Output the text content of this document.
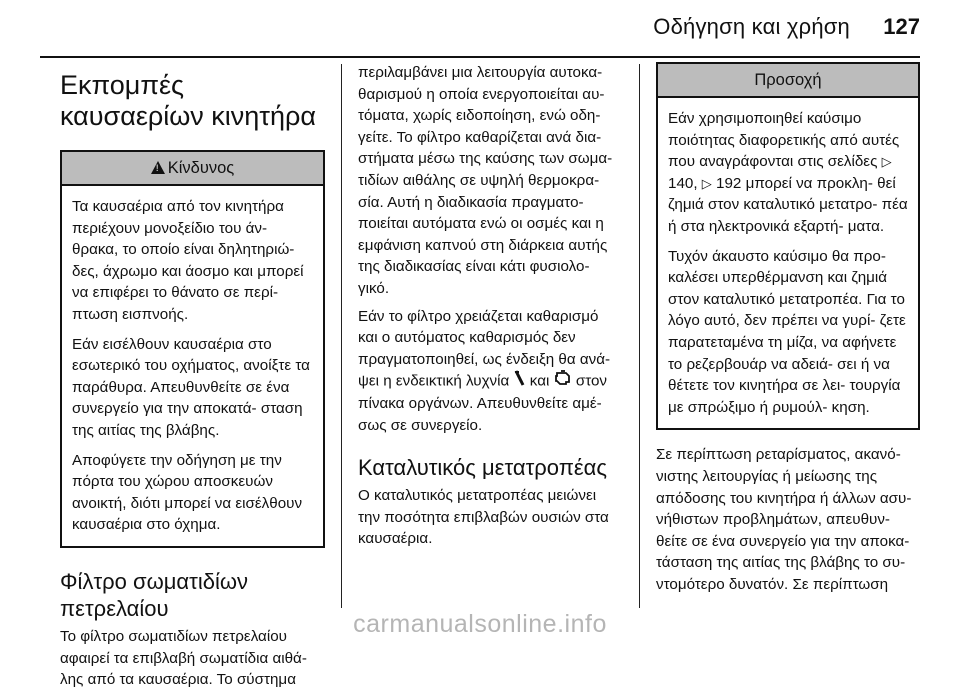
Οδήγηση και χρήση 127
Εκπομπές καυσαερίων κινητήρα
!Κίνδυνος

Τα καυσαέρια από τον κινητήρα περιέχουν μονοξείδιο του άν- θρακα, το οποίο είναι δηλητηριώ- δες, άχρωμο και άοσμο και μπορεί να επιφέρει το θάνατο σε περί- πτωση εισπνοής.

Εάν εισέλθουν καυσαέρια στο εσωτερικό του οχήματος, ανοίξτε τα παράθυρα. Απευθυνθείτε σε ένα συνεργείο για την αποκατά- σταση της αιτίας της βλάβης.

Αποφύγετε την οδήγηση με την πόρτα του χώρου αποσκευών ανοικτή, διότι μπορεί να εισέλθουν καυσαέρια στο όχημα.

Φίλτρο σωματιδίων πετρελαίου

Το φίλτρο σωματιδίων πετρελαίου αφαιρεί τα επιβλαβή σωματίδια αιθά- λης από τα καυσαέρια. Το σύστημα

περιλαμβάνει μια λειτουργία αυτοκα- θαρισμού η οποία ενεργοποιείται αυ- τόματα, χωρίς ειδοποίηση, ενώ οδη- γείτε. Το φίλτρο καθαρίζεται ανά δια- στήματα μέσω της καύσης των σωμα- τιδίων αιθάλης σε υψηλή θερμοκρα- σία. Αυτή η διαδικασία πραγματο- ποιείται αυτόματα ενώ οι οσμές και η εμφάνιση καπνού στη διάρκεια αυτής της διαδικασίας είναι κάτι φυσιολο- γικό.

Εάν το φίλτρο χρειάζεται καθαρισμό και ο αυτόματος καθαρισμός δεν πραγματοποιηθεί, ως ένδειξη θα ανά- ψει η ενδεικτική λυχνία και στον πίνακα οργάνων. Απευθυνθείτε αμέ- σως σε συνεργείο.

Καταλυτικός μετατροπέας

Ο καταλυτικός μετατροπέας μειώνει την ποσότητα επιβλαβών ουσιών στα καυσαέρια.

Προσοχή

Εάν χρησιμοποιηθεί καύσιμο ποιότητας διαφορετικής από αυτές που αναγράφονται στις σελίδες ▷ 140, ▷ 192 μπορεί να προκλη- θεί ζημιά στον καταλυτικό μετατρο- πέα ή στα ηλεκτρονικά εξαρτή- ματα.

Τυχόν άκαυστο καύσιμο θα προ- καλέσει υπερθέρμανση και ζημιά στον καταλυτικό μετατροπέα. Για το λόγο αυτό, δεν πρέπει να γυρί- ζετε παρατεταμένα τη μίζα, να αφήνετε το ρεζερβουάρ να αδειά- σει ή να θέτετε τον κινητήρα σε λει- τουργία με σπρώξιμο ή ρυμούλ- κηση.

Σε περίπτωση ρεταρίσματος, ακανό- νιστης λειτουργίας ή μείωσης της απόδοσης του κινητήρα ή άλλων ασυ- νήθιστων προβλημάτων, απευθυν- θείτε σε ένα συνεργείο για την αποκα- τάσταση της αιτίας της βλάβης το συ- ντομότερο δυνατόν. Σε περίπτωση

carmanualsonline.info
